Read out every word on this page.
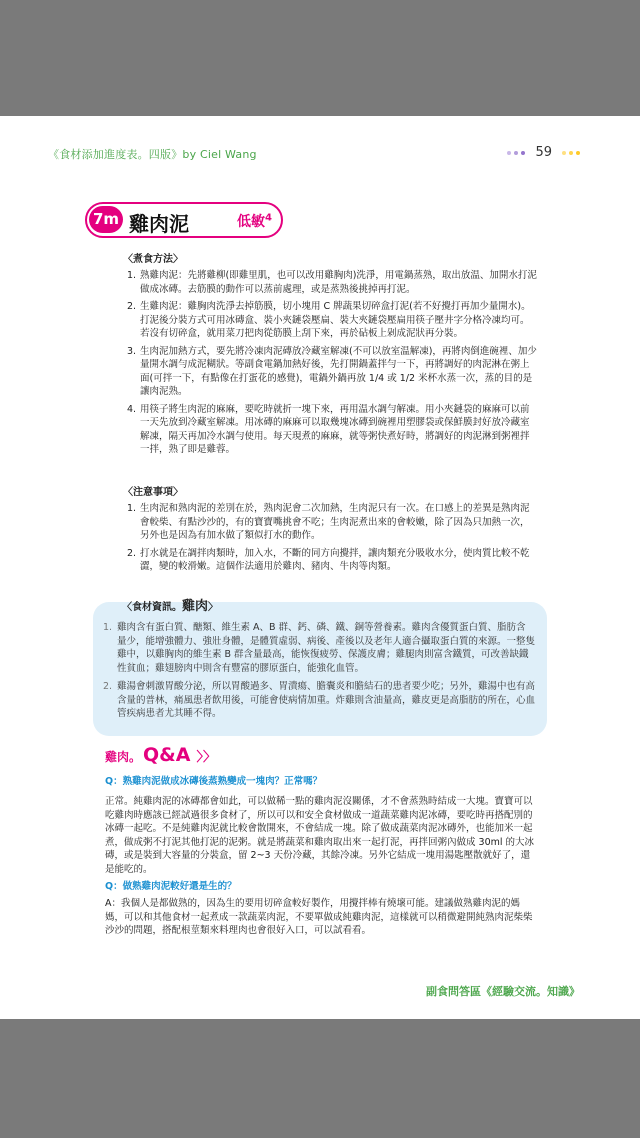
《食材添加進度表。四版》by Ciel Wang	59
7m 雞肉泥	低敏$^4$
〈煮食方法〉
1. 熟雞肉泥：先將雞柳(即雞里肌，也可以改用雞胸肉)洗淨，用電鍋蒸熟，取出放温、加開水打泥做成冰磚。去筋膜的動作可以蒸前處理，或是蒸熟後挑掉再打泥。
2. 生雞肉泥：雞胸肉洗淨去掉筋膜，切小塊用 C 牌蔬果切碎盒打泥(若不好攪打再加少量開水)。打泥後分裝方式可用冰磚盒、裝小夾鏈袋壓扁、裝大夾鏈袋壓扁用筷子壓井字分格冷凍均可。若沒有切碎盒，就用菜刀把肉從筋膜上刮下來，再於砧板上剁成泥狀再分裝。
3. 生肉泥加熱方式，要先將冷凍肉泥磚放冷藏室解凍(不可以放室温解凍)，再將肉倒進碗裡、加少量開水調勻成泥糊狀。等副食電鍋加熱好後，先打開鍋蓋拌勻一下，再將調好的肉泥淋在粥上面(可拌一下，有點像在打蛋花的感覺)，電鍋外鍋再放 1/4 或 1/2 米杯水蒸一次，蒸的目的是讓肉泥熟。
4. 用筷子將生肉泥的麻麻，要吃時就折一塊下來，再用温水調勻解凍。用小夾鏈袋的麻麻可以前一天先放到冷藏室解凍。用冰磚的麻麻可以取幾塊冰磚到碗裡用塑膠袋或保鮮膜封好放冷藏室解凍，隔天再加冷水調勻使用。每天現煮的麻麻，就等粥快煮好時，將調好的肉泥淋到粥裡拌一拌，熟了即是雞蓉。
〈注意事項〉
1. 生肉泥和熟肉泥的差別在於，熟肉泥會二次加熱，生肉泥只有一次。在口感上的差異是熟肉泥會較柴、有點沙沙的，有的寶寶嘴挑會不吃；生肉泥煮出來的會較嫩，除了因為只加熱一次，另外也是因為有加水做了類似打水的動作。
2. 打水就是在調拌肉類時，加入水，不斷的同方向攪拌，讓肉類充分吸收水分，使肉質比較不乾澀，變的較滑嫩。這個作法適用於雞肉、豬肉、牛肉等肉類。
〈食材資訊。雞肉〉
1. 雞肉含有蛋白質、醣類、維生素 A、B 群、鈣、磷、鐵、銅等營養素。雞肉含優質蛋白質、脂肪含量少，能增強體力、強壯身體，是體質虛弱、病後、產後以及老年人適合攝取蛋白質的來源。一整隻雞中，以雞胸肉的維生素 B 群含量最高，能恢復疲勞、保護皮膚；雞腿肉則富含鐵質，可改善缺鐵性貧血；雞翅膀肉中則含有豐富的膠原蛋白，能強化血管。
2. 雞湯會刺激胃酸分泌，所以胃酸過多、胃潰瘍、膽囊炎和膽結石的患者要少吃；另外，雞湯中也有高含量的普林，痛風患者飲用後，可能會使病情加重。炸雞則含油量高，雞皮更是高脂肪的所在，心血管疾病患者尤其睡不得。
雞肉。 Q&A 〉〉
Q：熟雞肉泥做成冰磚後蒸熟變成一塊肉？正常嗎？

正常。純雞肉泥的冰磚都會如此，可以做稀一點的雞肉泥沒關係，才不會蒸熟時結成一大塊。寶寶可以吃雞肉時應該已經試過很多食材了，所以可以和安全食材做成一道蔬菜雞肉泥冰磚，要吃時再搭配別的冰磚一起吃。不是純雞肉泥就比較會散開來，不會結成一塊。除了做成蔬菜肉泥冰磚外，也能加米一起煮，做成粥不打泥其他打泥的泥粥。就是將蔬菜和雞肉取出來一起打泥，再拌回粥內做成 30ml 的大冰磚，或是裝到大容量的分裝盒，留 2~3 天份冷藏，其餘冷凍。另外它結成一塊用湯匙壓散就好了，還是能吃的。

Q：做熟雞肉泥較好還是生的？

A：我個人是都做熟的，因為生的要用切碎盒較好製作，用攪拌棒有燒壞可能。建議做熟雞肉泥的媽媽，可以和其他食材一起煮成一款蔬菜肉泥，不要單做成純雞肉泥，這樣就可以稍微避開純熟肉泥柴柴沙沙的問題，搭配根莖類來料理肉也會很好入口，可以試看看。

副食問答區《經驗交流。知識》
